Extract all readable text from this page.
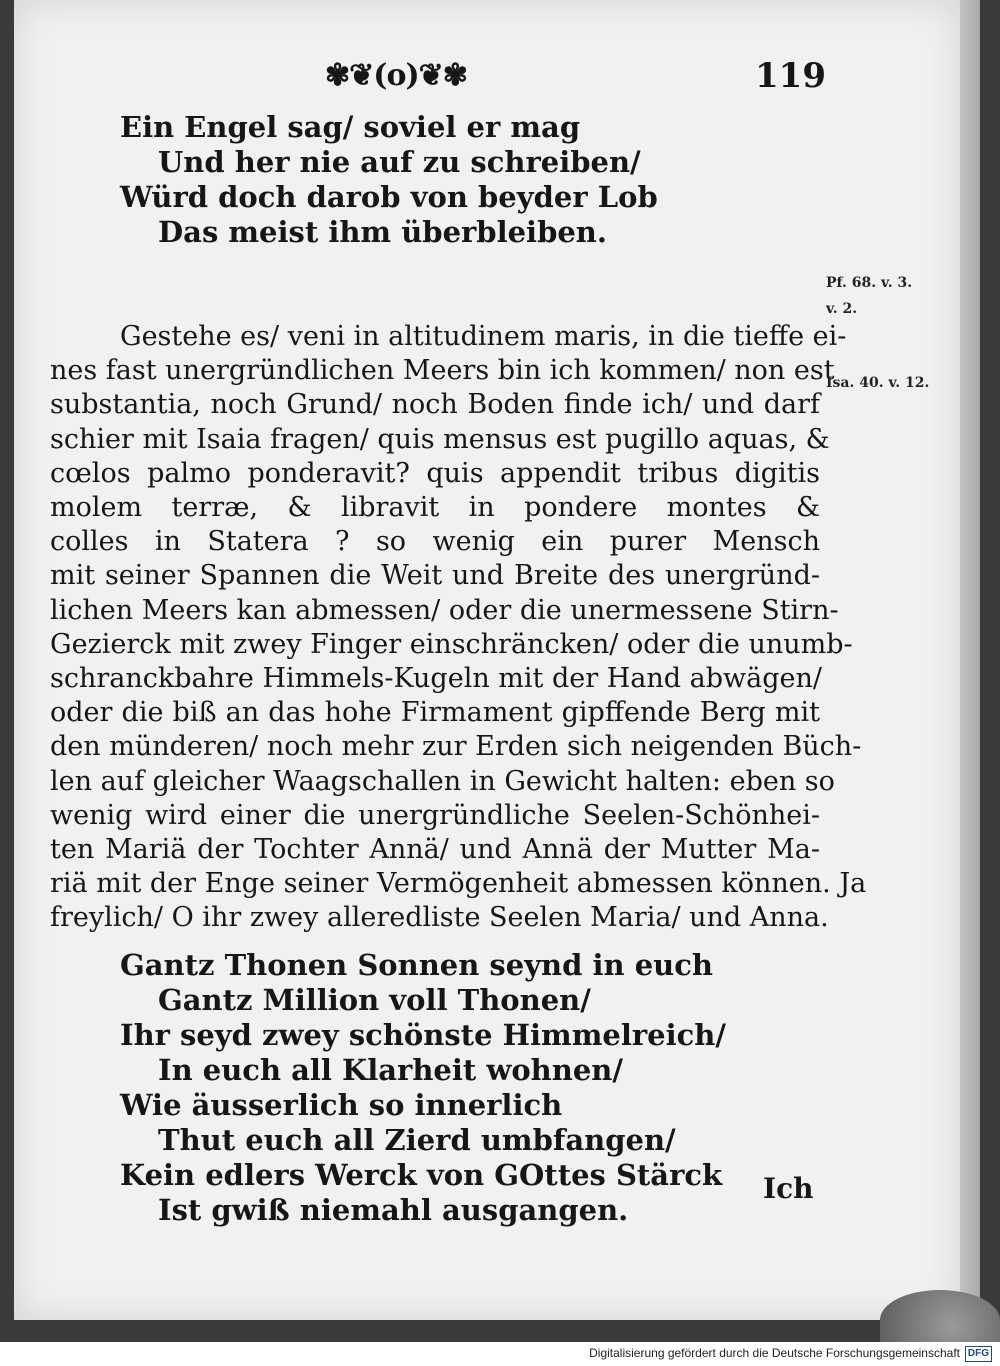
✾❦(o)❦✾	119
Ein Engel sag/ soviel er mag
Und her nie auf zu schreiben/
Würd doch darob von beyder Lob
Das meist ihm überbleiben.
Gestehe es/ veni in altitudinem maris, in die tieffe ei-
nes fast unergründlichen Meers bin ich kommen/ non est
substantia, noch Grund/ noch Boden finde ich/ und darf
schier mit Isaia fragen/ quis mensus est pugillo aquas, &
cœlos palmo ponderavit? quis appendit tribus digitis
molem terræ, & libravit in pondere montes &
colles in Statera ? so wenig ein purer Mensch
mit seiner Spannen die Weit und Breite des unergründ-
lichen Meers kan abmessen/ oder die unermessene Stirn-
Gezierck mit zwey Finger einschräncken/ oder die unumb-
schranckbahre Himmels-Kugeln mit der Hand abwägen/
oder die biß an das hohe Firmament gipffende Berg mit
den münderen/ noch mehr zur Erden sich neigenden Büch-
len auf gleicher Waagschallen in Gewicht halten: eben so
wenig wird einer die unergründliche Seelen-Schönhei-
ten Mariä der Tochter Annä/ und Annä der Mutter Ma-
riä mit der Enge seiner Vermögenheit abmessen können. Ja
freylich/ O ihr zwey alleredliste Seelen Maria/ und Anna.
Gantz Thonen Sonnen seynd in euch
Gantz Million voll Thonen/
Ihr seyd zwey schönste Himmelreich/
In euch all Klarheit wohnen/
Wie äusserlich so innerlich
Thut euch all Zierd umbfangen/
Kein edlers Werck von GOttes Stärck
Ist gwiß niemahl ausgangen.
Pf. 68. v. 3.
v. 2.
Isa. 40. v. 12.
Ich
Digitalisierung gefördert durch die Deutsche Forschungsgemeinschaft DFG
